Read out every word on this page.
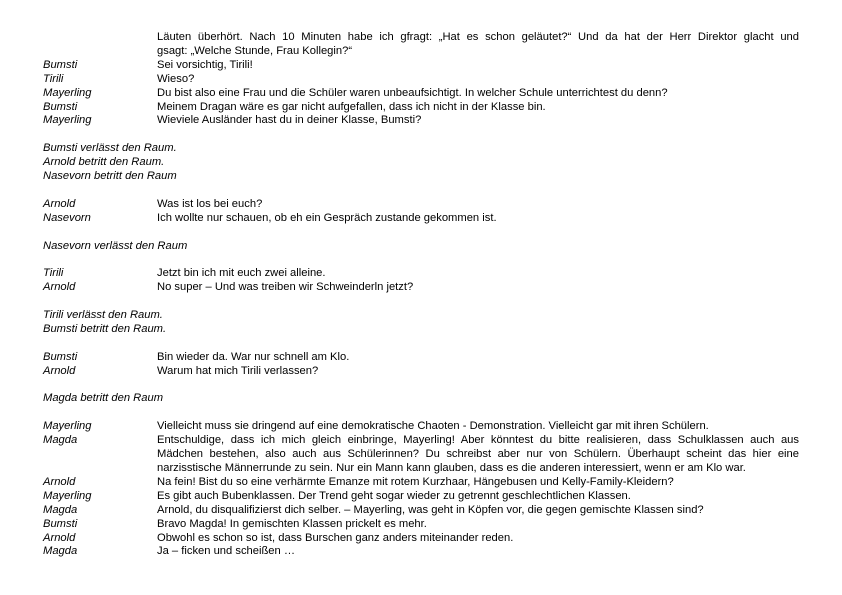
Läuten überhört. Nach 10 Minuten habe ich gfragt: „Hat es schon geläutet?“ Und da hat der Herr Direktor glacht und
gsagt: „Welche Stunde, Frau Kollegin?“
Bumsti	Sei vorsichtig, Tirili!
Tirili	Wieso?
Mayerling	Du bist also eine Frau und die Schüler waren unbeaufsichtigt. In welcher Schule unterrichtest du denn?
Bumsti	Meinem Dragan wäre es gar nicht aufgefallen, dass ich nicht in der Klasse bin.
Mayerling	Wieviele Ausländer hast du in deiner Klasse, Bumsti?
Bumsti verlässt den Raum.
Arnold betritt den Raum.
Nasevorn betritt den Raum
Arnold	Was ist los bei euch?
Nasevorn	Ich wollte nur schauen, ob eh ein Gespräch zustande gekommen ist.
Nasevorn verlässt den Raum
Tirili	Jetzt bin ich mit euch zwei alleine.
Arnold	No super – Und was treiben wir Schweinderln jetzt?
Tirili verlässt den Raum.
Bumsti betritt den Raum.
Bumsti	Bin wieder da. War nur schnell am Klo.
Arnold	Warum hat mich Tirili verlassen?
Magda betritt den Raum
Mayerling	Vielleicht muss sie dringend auf eine demokratische Chaoten - Demonstration. Vielleicht gar mit ihren Schülern.
Magda	Entschuldige, dass ich mich gleich einbringe, Mayerling! Aber könntest du bitte realisieren, dass Schulklassen auch aus
Mädchen bestehen, also auch aus Schülerinnen? Du schreibst aber nur von Schülern. Überhaupt scheint das hier eine
narzisstische Männerrunde zu sein. Nur ein Mann kann glauben, dass es die anderen interessiert, wenn er am Klo war.
Arnold	Na fein! Bist du so eine verhärmte Emanze mit rotem Kurzhaar, Hängebusen und Kelly-Family-Kleidern?
Mayerling	Es gibt auch Bubenklassen. Der Trend geht sogar wieder zu getrennt geschlechtlichen Klassen.
Magda	Arnold, du disqualifizierst dich selber. – Mayerling, was geht in Köpfen vor, die gegen gemischte Klassen sind?
Bumsti	Bravo Magda! In gemischten Klassen prickelt es mehr.
Arnold	Obwohl es schon so ist, dass Burschen ganz anders miteinander reden.
Magda	Ja – ficken und scheißen …
